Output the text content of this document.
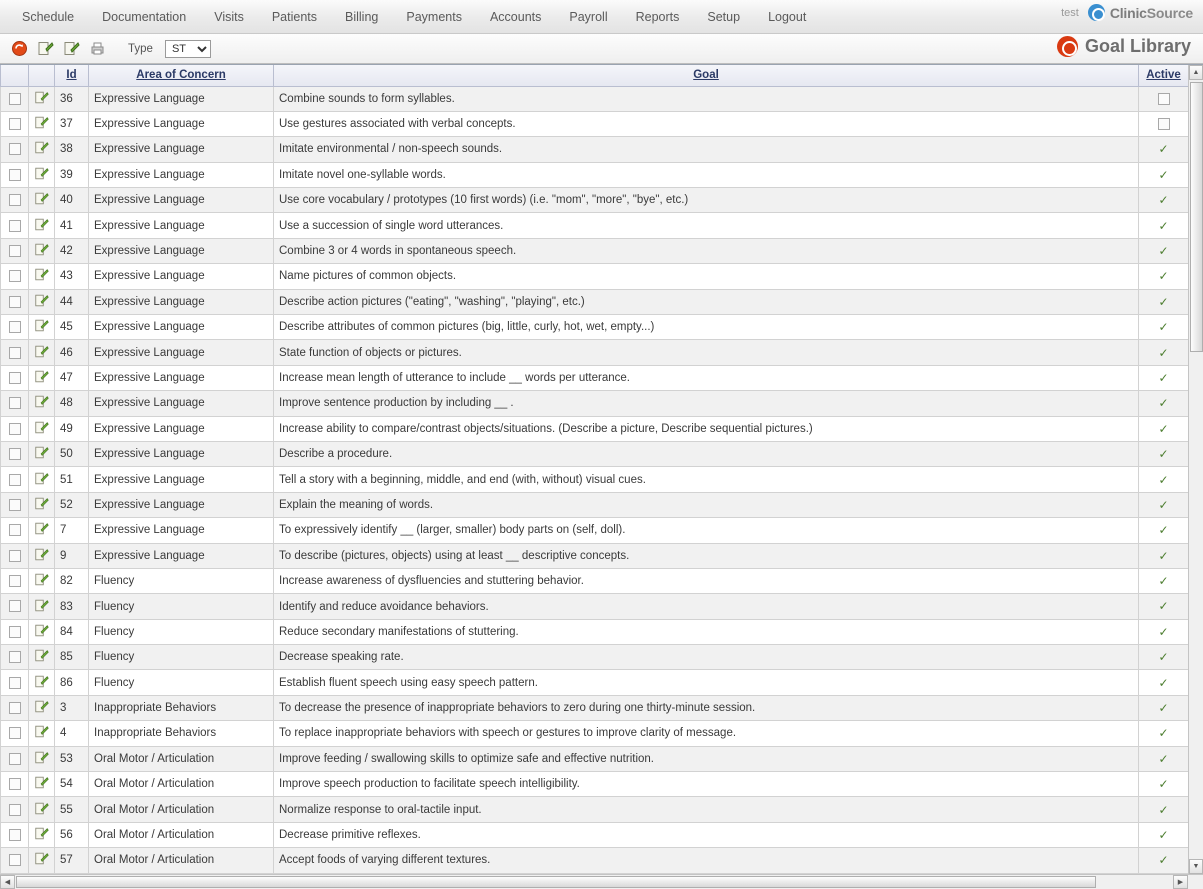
Schedule	Documentation	Visits	Patients	Billing	Payments	Accounts	Payroll	Reports	Setup	Logout	test ClinicSource
Type
ST	Goal Library
		Id	Area of Concern	Goal	Active
		36	Expressive Language	Combine sounds to form syllables.	
		37	Expressive Language	Use gestures associated with verbal concepts.	
		38	Expressive Language	Imitate environmental / non-speech sounds.	✓
		39	Expressive Language	Imitate novel one-syllable words.	✓
		40	Expressive Language	Use core vocabulary / prototypes (10 first words) (i.e. "mom", "more", "bye", etc.)	✓
		41	Expressive Language	Use a succession of single word utterances.	✓
		42	Expressive Language	Combine 3 or 4 words in spontaneous speech.	✓
		43	Expressive Language	Name pictures of common objects.	✓
		44	Expressive Language	Describe action pictures ("eating", "washing", "playing", etc.)	✓
		45	Expressive Language	Describe attributes of common pictures (big, little, curly, hot, wet, empty...)	✓
		46	Expressive Language	State function of objects or pictures.	✓
		47	Expressive Language	Increase mean length of utterance to include __ words per utterance.	✓
		48	Expressive Language	Improve sentence production by including __ .	✓
		49	Expressive Language	Increase ability to compare/contrast objects/situations. (Describe a picture, Describe sequential pictures.)	✓
		50	Expressive Language	Describe a procedure.	✓
		51	Expressive Language	Tell a story with a beginning, middle, and end (with, without) visual cues.	✓
		52	Expressive Language	Explain the meaning of words.	✓
		7	Expressive Language	To expressively identify __ (larger, smaller) body parts on (self, doll).	✓
		9	Expressive Language	To describe (pictures, objects) using at least __ descriptive concepts.	✓
		82	Fluency	Increase awareness of dysfluencies and stuttering behavior.	✓
		83	Fluency	Identify and reduce avoidance behaviors.	✓
		84	Fluency	Reduce secondary manifestations of stuttering.	✓
		85	Fluency	Decrease speaking rate.	✓
		86	Fluency	Establish fluent speech using easy speech pattern.	✓
		3	Inappropriate Behaviors	To decrease the presence of inappropriate behaviors to zero during one thirty-minute session.	✓
		4	Inappropriate Behaviors	To replace inappropriate behaviors with speech or gestures to improve clarity of message.	✓
		53	Oral Motor / Articulation	Improve feeding / swallowing skills to optimize safe and effective nutrition.	✓
		54	Oral Motor / Articulation	Improve speech production to facilitate speech intelligibility.	✓
		55	Oral Motor / Articulation	Normalize response to oral-tactile input.	✓
		56	Oral Motor / Articulation	Decrease primitive reflexes.	✓
		57	Oral Motor / Articulation	Accept foods of varying different textures.	✓
▲
▼
◀	▶
